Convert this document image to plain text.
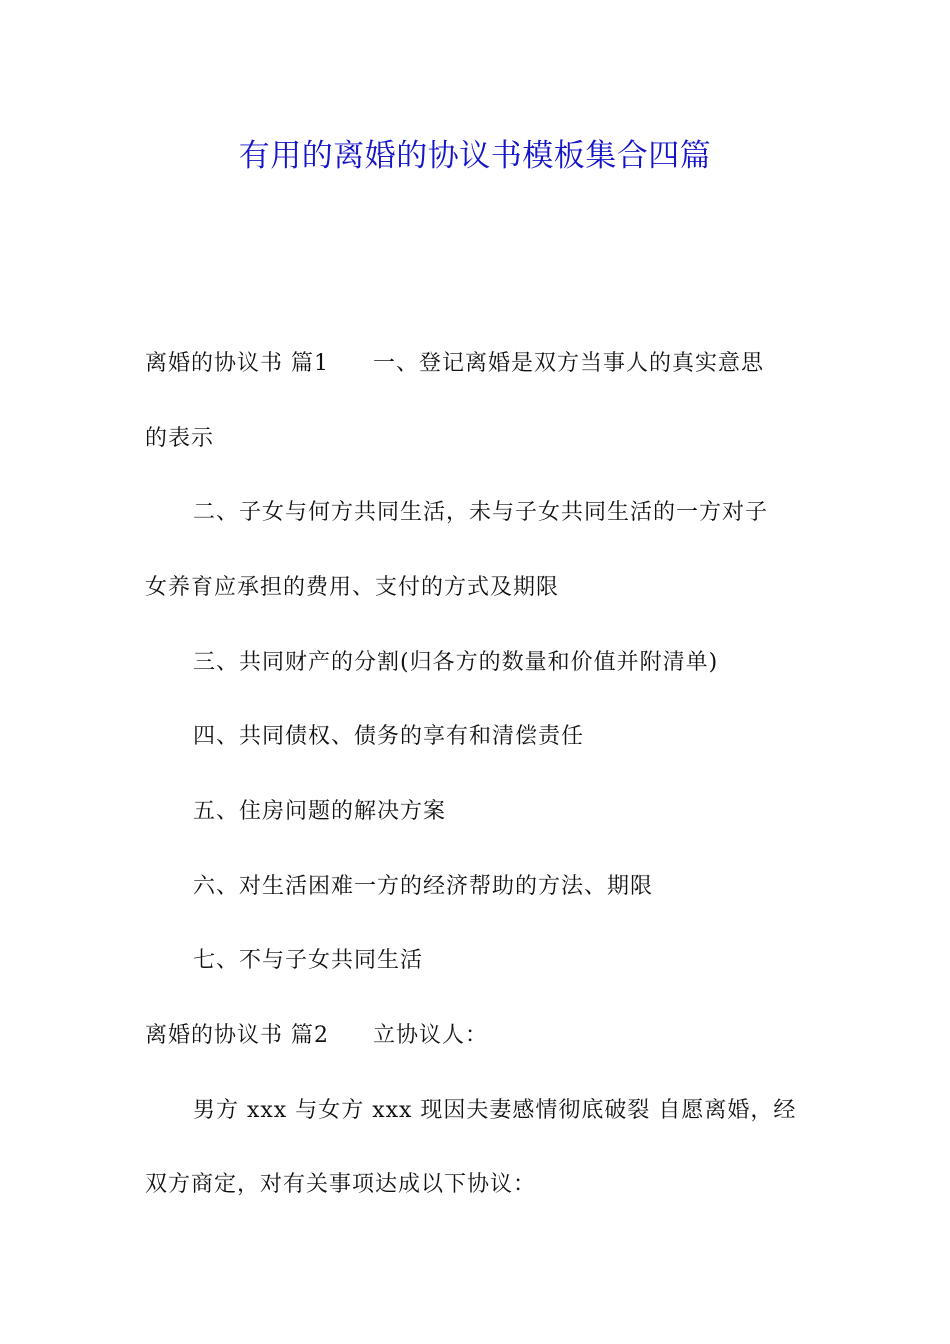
有用的离婚的协议书模板集合四篇
离婚的协议书 篇1 一、登记离婚是双方当事人的真实意思
的表示
二、子女与何方共同生活，未与子女共同生活的一方对子
女养育应承担的费用、支付的方式及期限
三、共同财产的分割(归各方的数量和价值并附清单)
四、共同债权、债务的享有和清偿责任
五、住房问题的解决方案
六、对生活困难一方的经济帮助的方法、期限
七、不与子女共同生活
离婚的协议书 篇2 立协议人：
男方 xxx 与女方 xxx 现因夫妻感情彻底破裂 自愿离婚，经
双方商定，对有关事项达成以下协议：
